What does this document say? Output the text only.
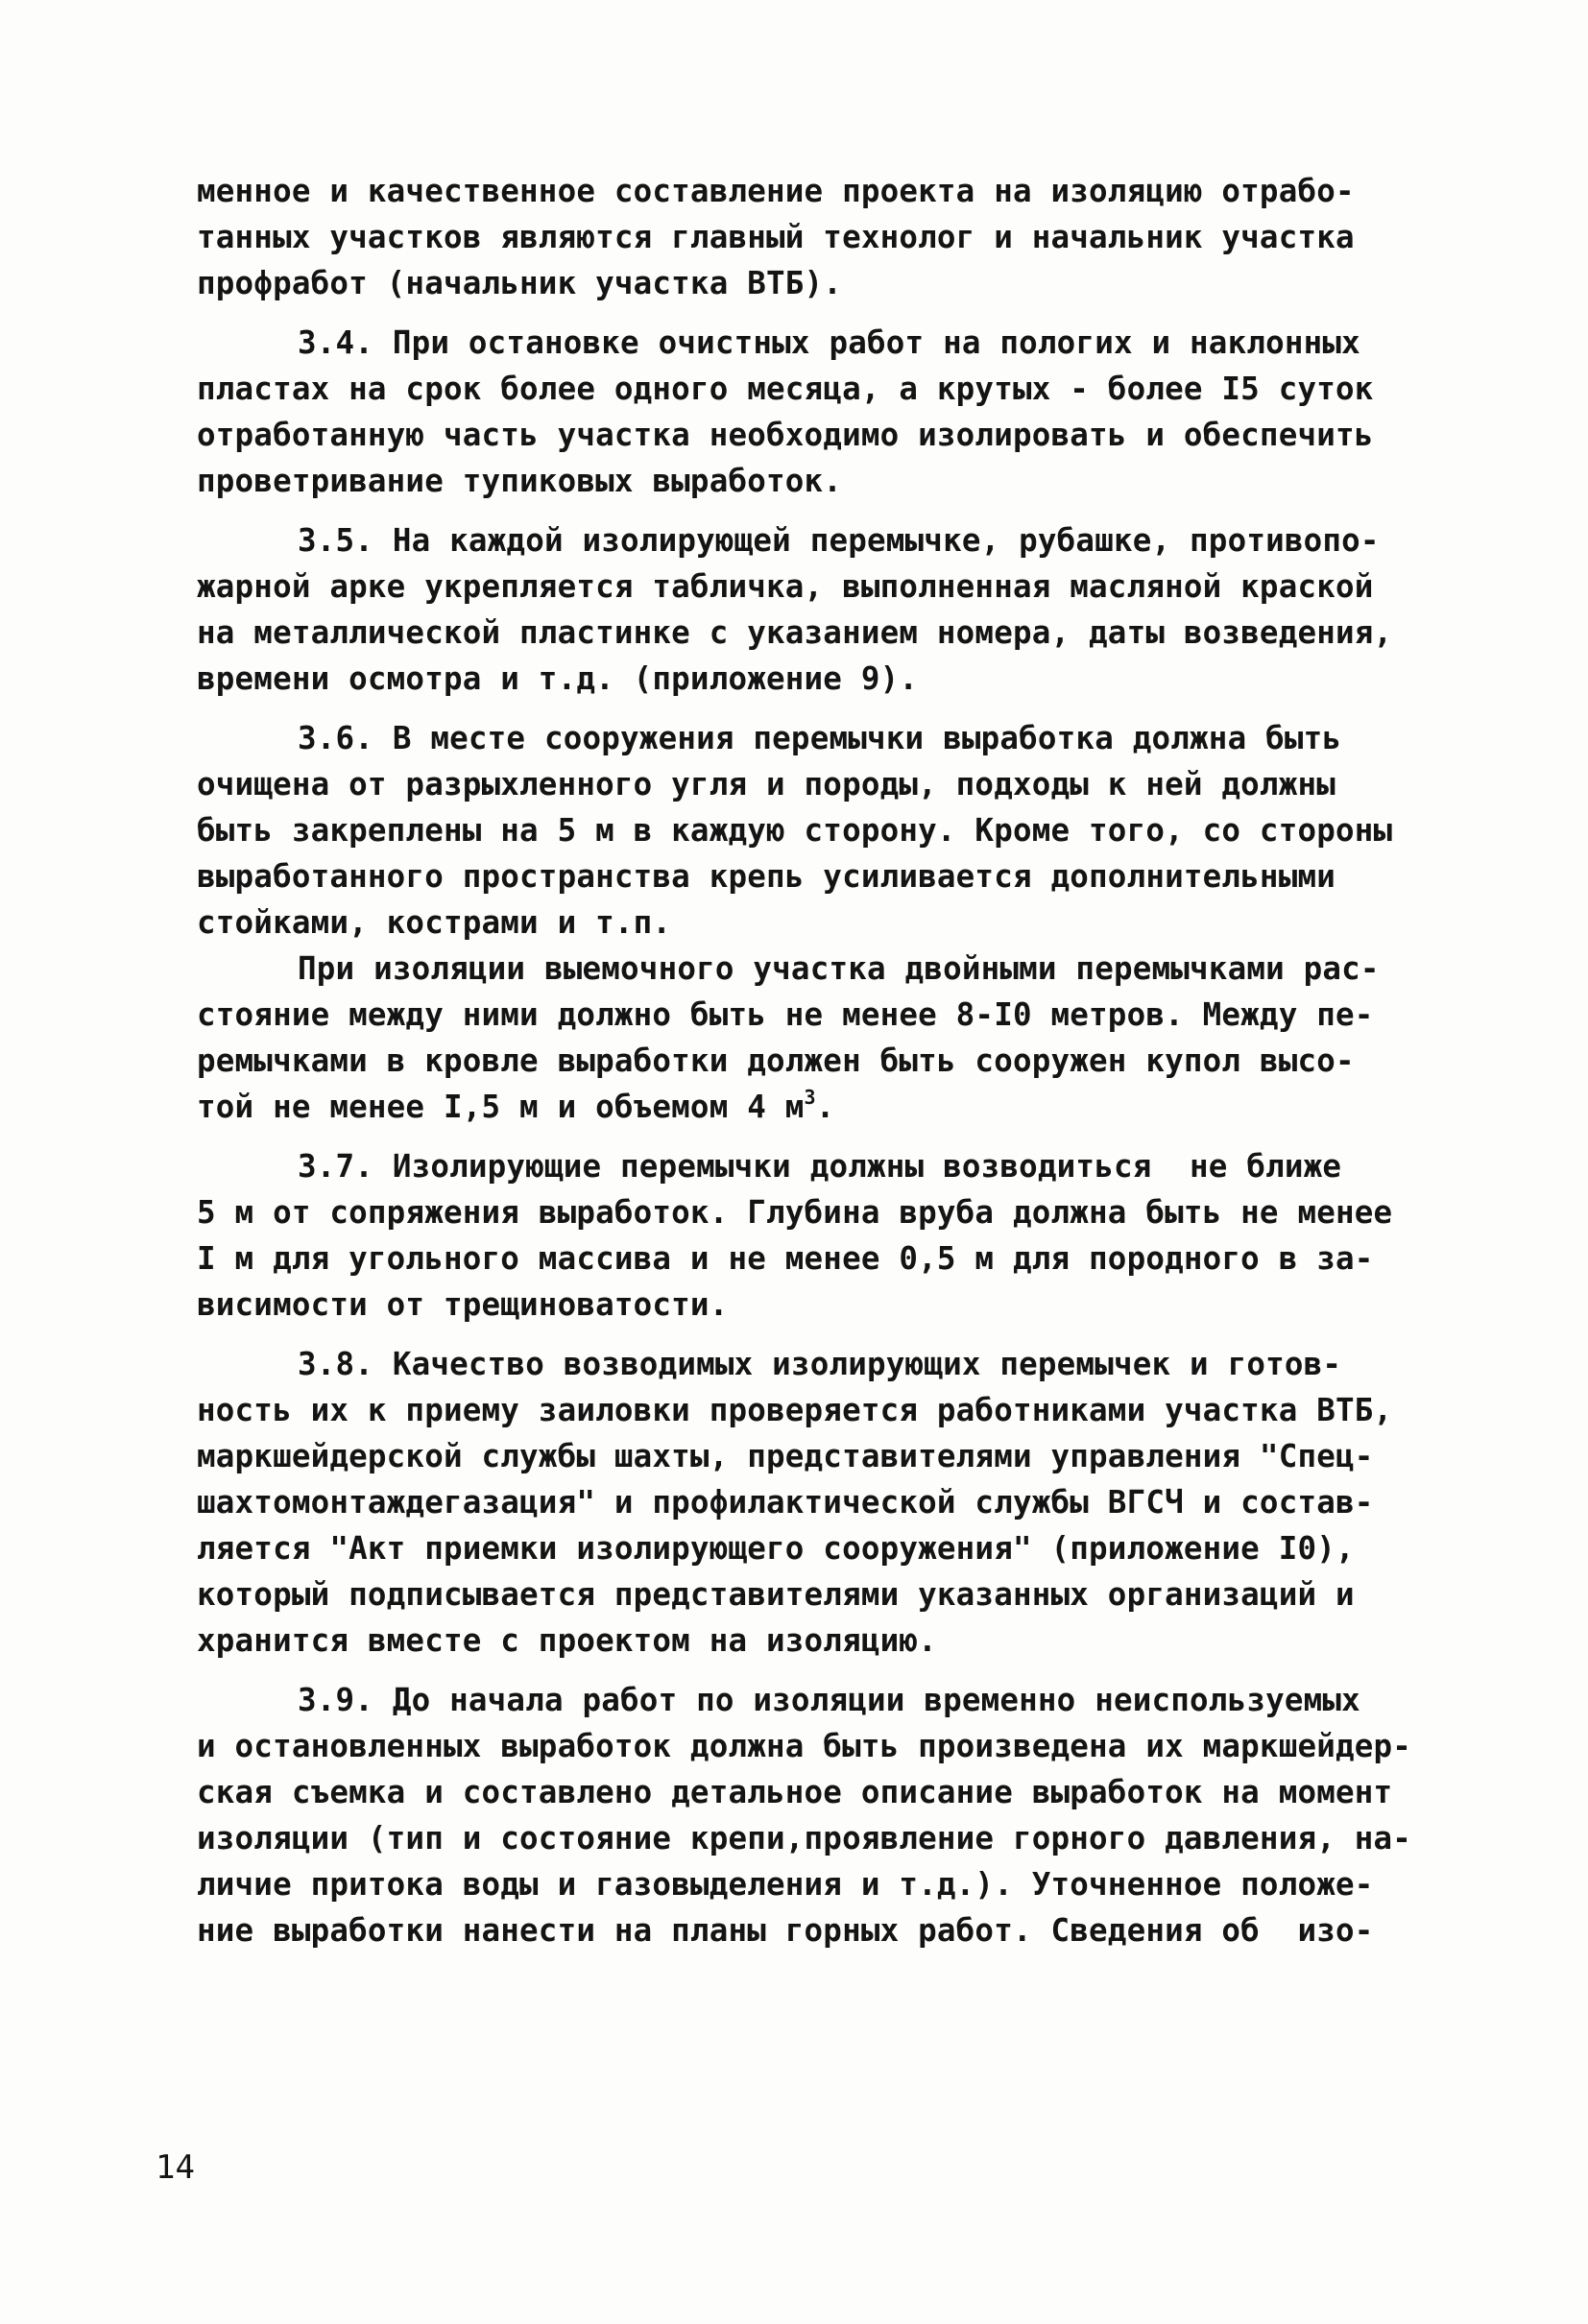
менное и качественное составление проекта на изоляцию отрабо-
танных участков являются главный технолог и начальник участка
профработ (начальник участка ВТБ).

3.4. При остановке очистных работ на пологих и наклонных
пластах на срок более одного месяца, а крутых - более I5 суток
отработанную часть участка необходимо изолировать и обеспечить
проветривание тупиковых выработок.

3.5. На каждой изолирующей перемычке, рубашке, противопо-
жарной арке укрепляется табличка, выполненная масляной краской
на металлической пластинке с указанием номера, даты возведения,
времени осмотра и т.д. (приложение 9).

3.6. В месте сооружения перемычки выработка должна быть
очищена от разрыхленного угля и породы, подходы к ней должны
быть закреплены на 5 м в каждую сторону. Кроме того, со стороны
выработанного пространства крепь усиливается дополнительными
стойками, кострами и т.п.

При изоляции выемочного участка двойными перемычками рас-
стояние между ними должно быть не менее 8-I0 метров. Между пе-
ремычками в кровле выработки должен быть сооружен купол высо-
той не менее I,5 м и объемом 4 $м^3$.

3.7. Изолирующие перемычки должны возводиться  не ближе
5 м от сопряжения выработок. Глубина вруба должна быть не менее
I м для угольного массива и не менее 0,5 м для породного в за-
висимости от трещиноватости.

3.8. Качество возводимых изолирующих перемычек и готов-
ность их к приему заиловки проверяется работниками участка ВТБ,
маркшейдерской службы шахты, представителями управления "Спец-
шахтомонтаждегазация" и профилактической службы ВГСЧ и состав-
ляется "Акт приемки изолирующего сооружения" (приложение I0),
который подписывается представителями указанных организаций и
хранится вместе с проектом на изоляцию.

3.9. До начала работ по изоляции временно неиспользуемых
и остановленных выработок должна быть произведена их маркшейдер-
ская съемка и составлено детальное описание выработок на момент
изоляции (тип и состояние крепи,проявление горного давления, на-
личие притока воды и газовыделения и т.д.). Уточненное положе-
ние выработки нанести на планы горных работ. Сведения об  изо-

14
